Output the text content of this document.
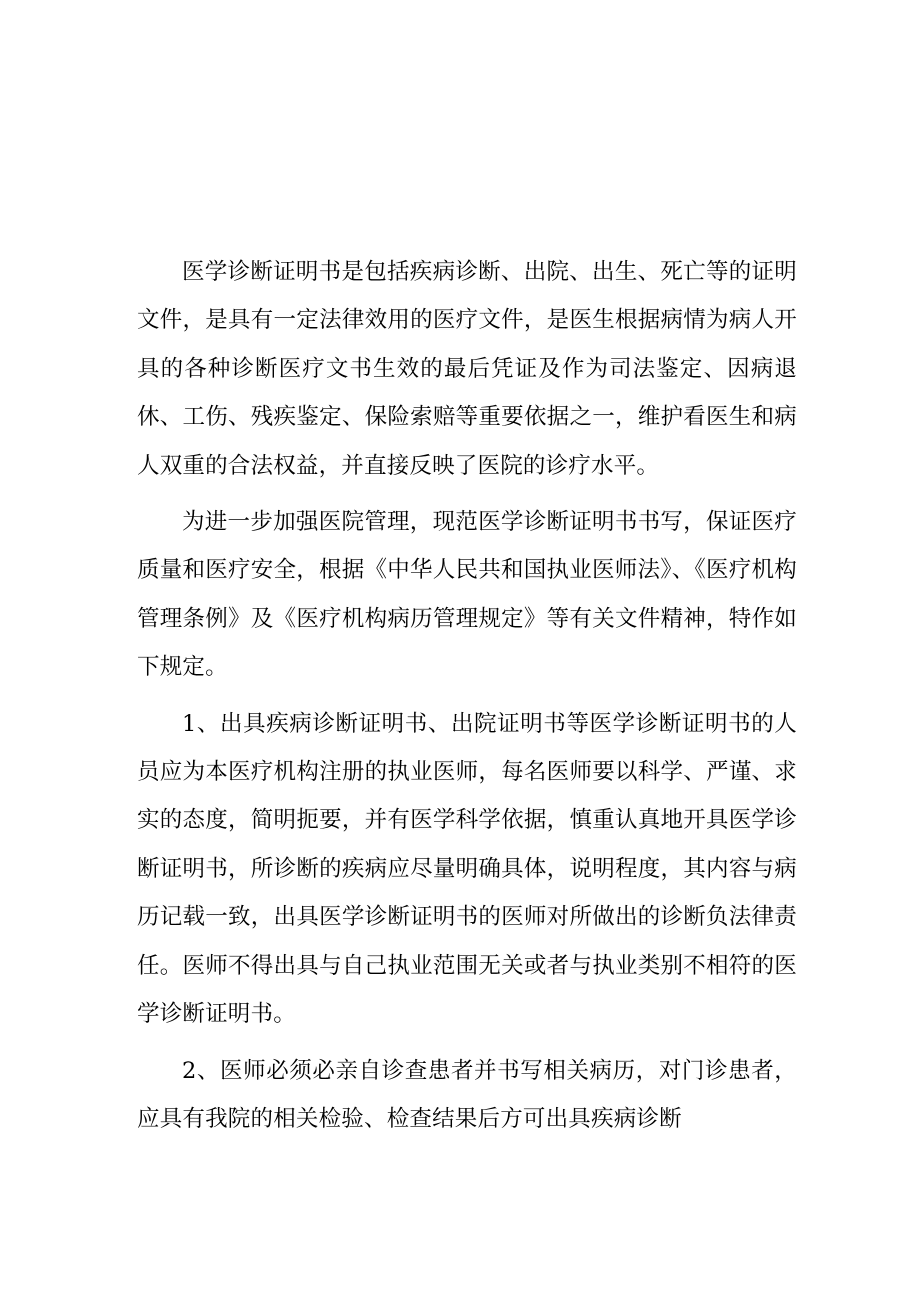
医学诊断证明书是包括疾病诊断、出院、出生、死亡等的证明文件，是具有一定法律效用的医疗文件，是医生根据病情为病人开具的各种诊断医疗文书生效的最后凭证及作为司法鉴定、因病退休、工伤、残疾鉴定、保险索赔等重要依据之一，维护看医生和病人双重的合法权益，并直接反映了医院的诊疗水平。

为进一步加强医院管理，现范医学诊断证明书书写，保证医疗质量和医疗安全，根据《中华人民共和国执业医师法》、《医疗机构管理条例》及《医疗机构病历管理规定》等有关文件精神，特作如下规定。

1、出具疾病诊断证明书、出院证明书等医学诊断证明书的人员应为本医疗机构注册的执业医师，每名医师要以科学、严谨、求实的态度，简明扼要，并有医学科学依据，慎重认真地开具医学诊断证明书，所诊断的疾病应尽量明确具体，说明程度，其内容与病历记载一致，出具医学诊断证明书的医师对所做出的诊断负法律责任。医师不得出具与自己执业范围无关或者与执业类别不相符的医学诊断证明书。

2、医师必须必亲自诊查患者并书写相关病历，对门诊患者，应具有我院的相关检验、检查结果后方可出具疾病诊断
